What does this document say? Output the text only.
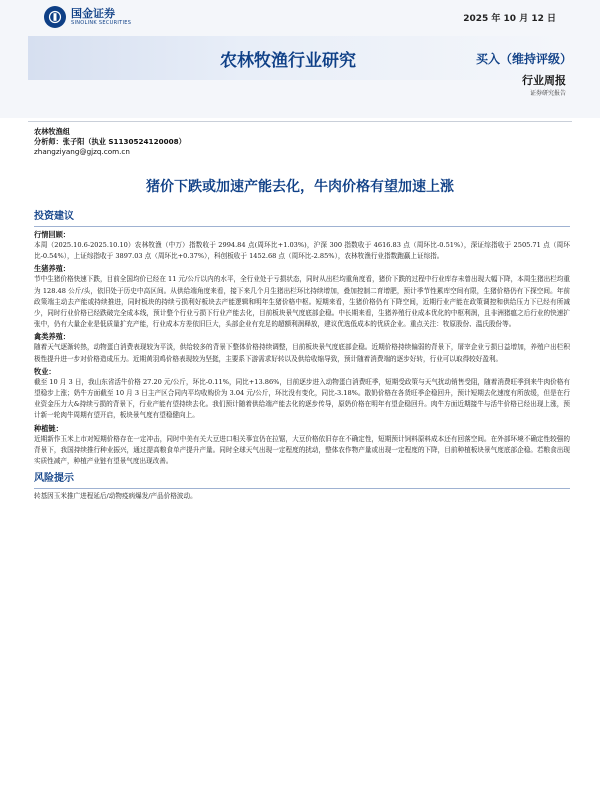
国金证券
SINOLINK SECURITIES	2025 年 10 月 12 日
农林牧渔行业研究	买入（维持评级）
行业周报
证券研究报告
农林牧渔组
分析师：张子阳（执业 S1130524120008）
zhangziyang@gjzq.com.cn
猪价下跌或加速产能去化，牛肉价格有望加速上涨
投资建议
行情回顾：
本周（2025.10.6-2025.10.10）农林牧渔（中万）指数收于 2994.84 点(周环比+1.03%)，沪深 300 指数收于 4616.83 点（周环比-0.51%），深证综指收于 2505.71 点（周环比-0.54%），上证综指收于 3897.03 点（周环比+0.37%），科创板收于 1452.68 点（周环比-2.85%），农林牧渔行业指数跑赢上证综指。
生猪养殖：
节中生猪价格快速下跌，目前全国均价已经在 11 元/公斤以内的水平，全行业处于亏损状态，同时从出栏均重角度看，猪价下跌的过程中行业库存未曾出现大幅下降，本周生猪出栏均重为 128.48 公斤/头，依旧处于历史中高区间。从供给端角度来看，接下来几个月生猪出栏环比持续增加，叠加控制二育增肥，预计季节性累库空间有限，生猪价格仍有下探空间。年前政策端主动去产能或持续推进，同时板块的持续亏损利好板块去产能逻辑和明年生猪价格中枢。短期来看，生猪价格仍有下降空间，近期行业产能在政策调控和供给压力下已经有所减少，同时行业价格已经跌破完全成本线，预计整个行业亏损下行业产能去化，目前板块景气度底部企稳。中长期来看，生猪养殖行业成本优化的中枢利润，且非洲猪瘟之后行业的快速扩张中，仍有大量企业是低质量扩充产能，行业成本方差依旧巨大，头部企业有充足的超额利润释放，建议优选低成本的优质企业。重点关注：牧原股份、温氏股份等。
禽类养殖：
随着天气逐渐转热，动物蛋白消费表现较为平淡，供给较多的背景下整体价格持续调整，目前板块景气度底部企稳。近期价格持续偏弱的背景下，屠宰企业亏损日益增加，养殖户出栏积极性提升进一步对价格造成压力。近期黄羽鸡价格表现较为坚挺，主要系下游需求好转以及供给收缩导致，预计随着消费端的逐步好转，行业可以取得较好盈利。
牧业：
截至 10 月 3 日，我山东省活牛价格 27.20 元/公斤，环比-0.11%，同比+13.86%，目前逐步进入动物蛋白消费旺季，短期受政策与天气扰动销售受阻，随着消费旺季到来牛肉价格有望稳步上涨；奶牛方面截至 10 月 3 日主产区合同内平均收购价为 3.04 元/公斤，环比没有变化，同比-3.18%。散奶价格在各货旺季企稳回升，预计短期去化速度有所放缓，但是在行业资金压力大&持续亏损的背景下，行业产能有望持续去化。我们预计随着供给端产能去化的逐步传导，原奶价格在明年有望企稳回升。肉牛方面近期接牛与活牛价格已经出现上涨，预计新一轮肉牛周期有望开启，板块景气度有望稳健向上。
种植链：
近期新作玉米上市对短期价格存在一定冲击，同时中美有关大豆进口相关事宜仍在拉锯，大豆价格依旧存在不确定性，短期预计饲料原料成本还有回落空间。在外部环境不确定性较强的背景下，我国持续推行种业振兴，通过提高粮食单产提升产量。同时全球天气出现一定程度的扰动，整体农作物产量或出现一定程度的下降，目前种植板块景气度底部企稳。若粮食出现实质性减产，种植产业链有望景气度出现改善。
风险提示
转基因玉米推广进程延后/动物疫病爆发/产品价格波动。
